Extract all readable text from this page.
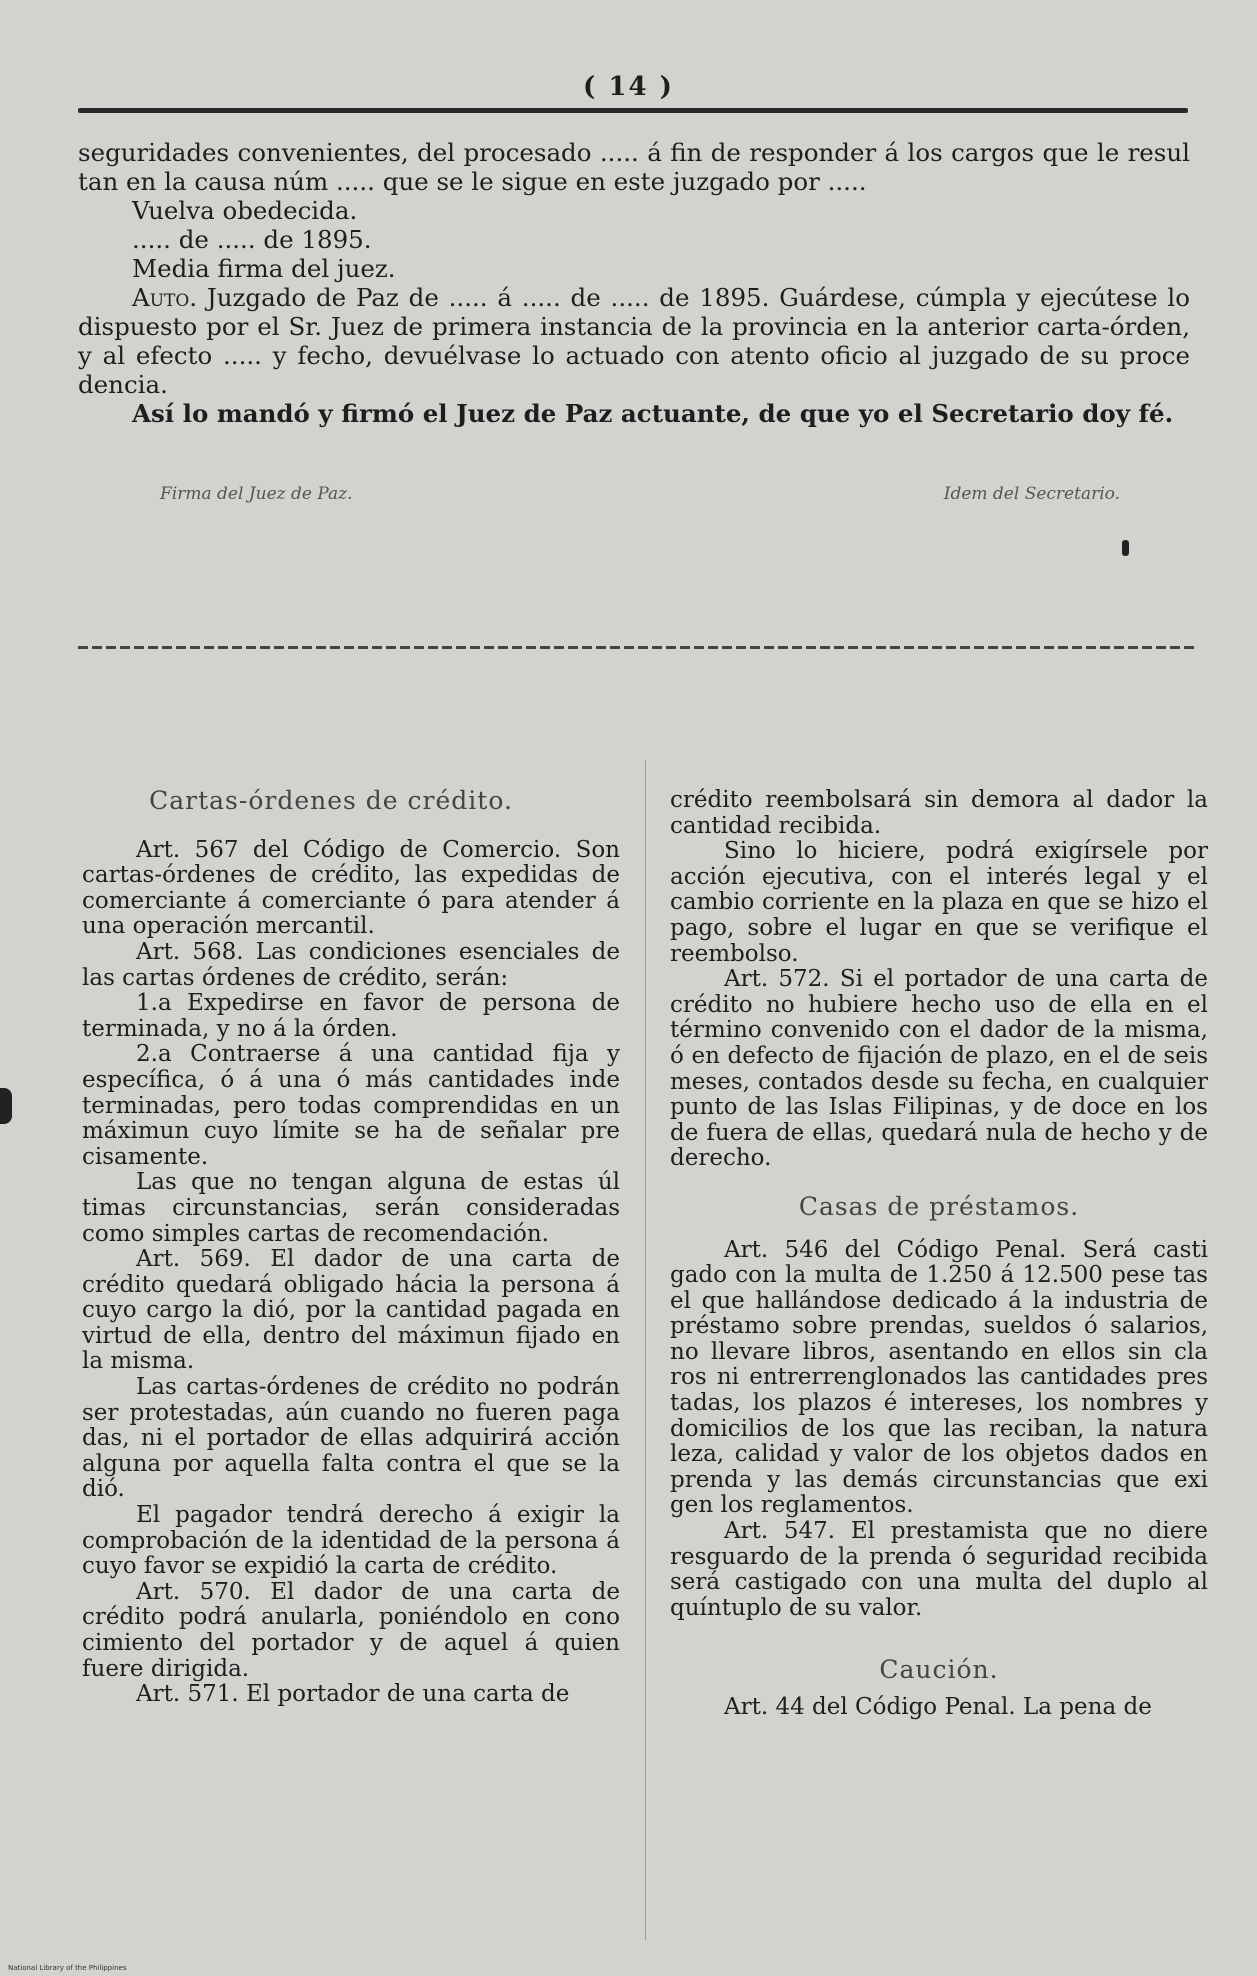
( 14 )

seguridades convenientes, del procesado ..... á fin de responder á los cargos que le resul tan en la causa núm ..... que se le sigue en este juzgado por .....

Vuelva obedecida.

..... de ..... de 1895.

Media firma del juez.

Auto. Juzgado de Paz de ..... á ..... de ..... de 1895. Guárdese, cúmpla y ejecútese lo dispuesto por el Sr. Juez de primera instancia de la provincia en la anterior carta-órden, y al efecto ..... y fecho, devuélvase lo actuado con atento oficio al juzgado de su proce dencia.

Así lo mandó y firmó el Juez de Paz actuante, de que yo el Secretario doy fé.

Firma del Juez de Paz.	Idem del Secretario.
Cartas-órdenes de crédito.

Art. 567 del Código de Comercio. Son cartas-órdenes de crédito, las expedidas de comerciante á comerciante ó para atender á una operación mercantil.

Art. 568. Las condiciones esenciales de las cartas órdenes de crédito, serán:

1.a Expedirse en favor de persona de terminada, y no á la órden.

2.a Contraerse á una cantidad fija y específica, ó á una ó más cantidades inde terminadas, pero todas comprendidas en un máximun cuyo límite se ha de señalar pre cisamente.

Las que no tengan alguna de estas úl timas circunstancias, serán consideradas como simples cartas de recomendación.

Art. 569. El dador de una carta de crédito quedará obligado hácia la persona á cuyo cargo la dió, por la cantidad pagada en virtud de ella, dentro del máximun fijado en la misma.

Las cartas-órdenes de crédito no podrán ser protestadas, aún cuando no fueren paga das, ni el portador de ellas adquirirá acción alguna por aquella falta contra el que se la dió.

El pagador tendrá derecho á exigir la comprobación de la identidad de la persona á cuyo favor se expidió la carta de crédito.

Art. 570. El dador de una carta de crédito podrá anularla, poniéndolo en cono cimiento del portador y de aquel á quien fuere dirigida.

Art. 571. El portador de una carta de

crédito reembolsará sin demora al dador la cantidad recibida.

Sino lo hiciere, podrá exigírsele por acción ejecutiva, con el interés legal y el cambio corriente en la plaza en que se hizo el pago, sobre el lugar en que se verifique el reembolso.

Art. 572. Si el portador de una carta de crédito no hubiere hecho uso de ella en el término convenido con el dador de la misma, ó en defecto de fijación de plazo, en el de seis meses, contados desde su fecha, en cualquier punto de las Islas Filipinas, y de doce en los de fuera de ellas, quedará nula de hecho y de derecho.

Casas de préstamos.

Art. 546 del Código Penal. Será casti gado con la multa de 1.250 á 12.500 pese tas el que hallándose dedicado á la industria de préstamo sobre prendas, sueldos ó salarios, no llevare libros, asentando en ellos sin cla ros ni entrerrenglonados las cantidades pres tadas, los plazos é intereses, los nombres y domicilios de los que las reciban, la natura leza, calidad y valor de los objetos dados en prenda y las demás circunstancias que exi gen los reglamentos.

Art. 547. El prestamista que no diere resguardo de la prenda ó seguridad recibida será castigado con una multa del duplo al quíntuplo de su valor.

Caución.

Art. 44 del Código Penal. La pena de

National Library of the Philippines
